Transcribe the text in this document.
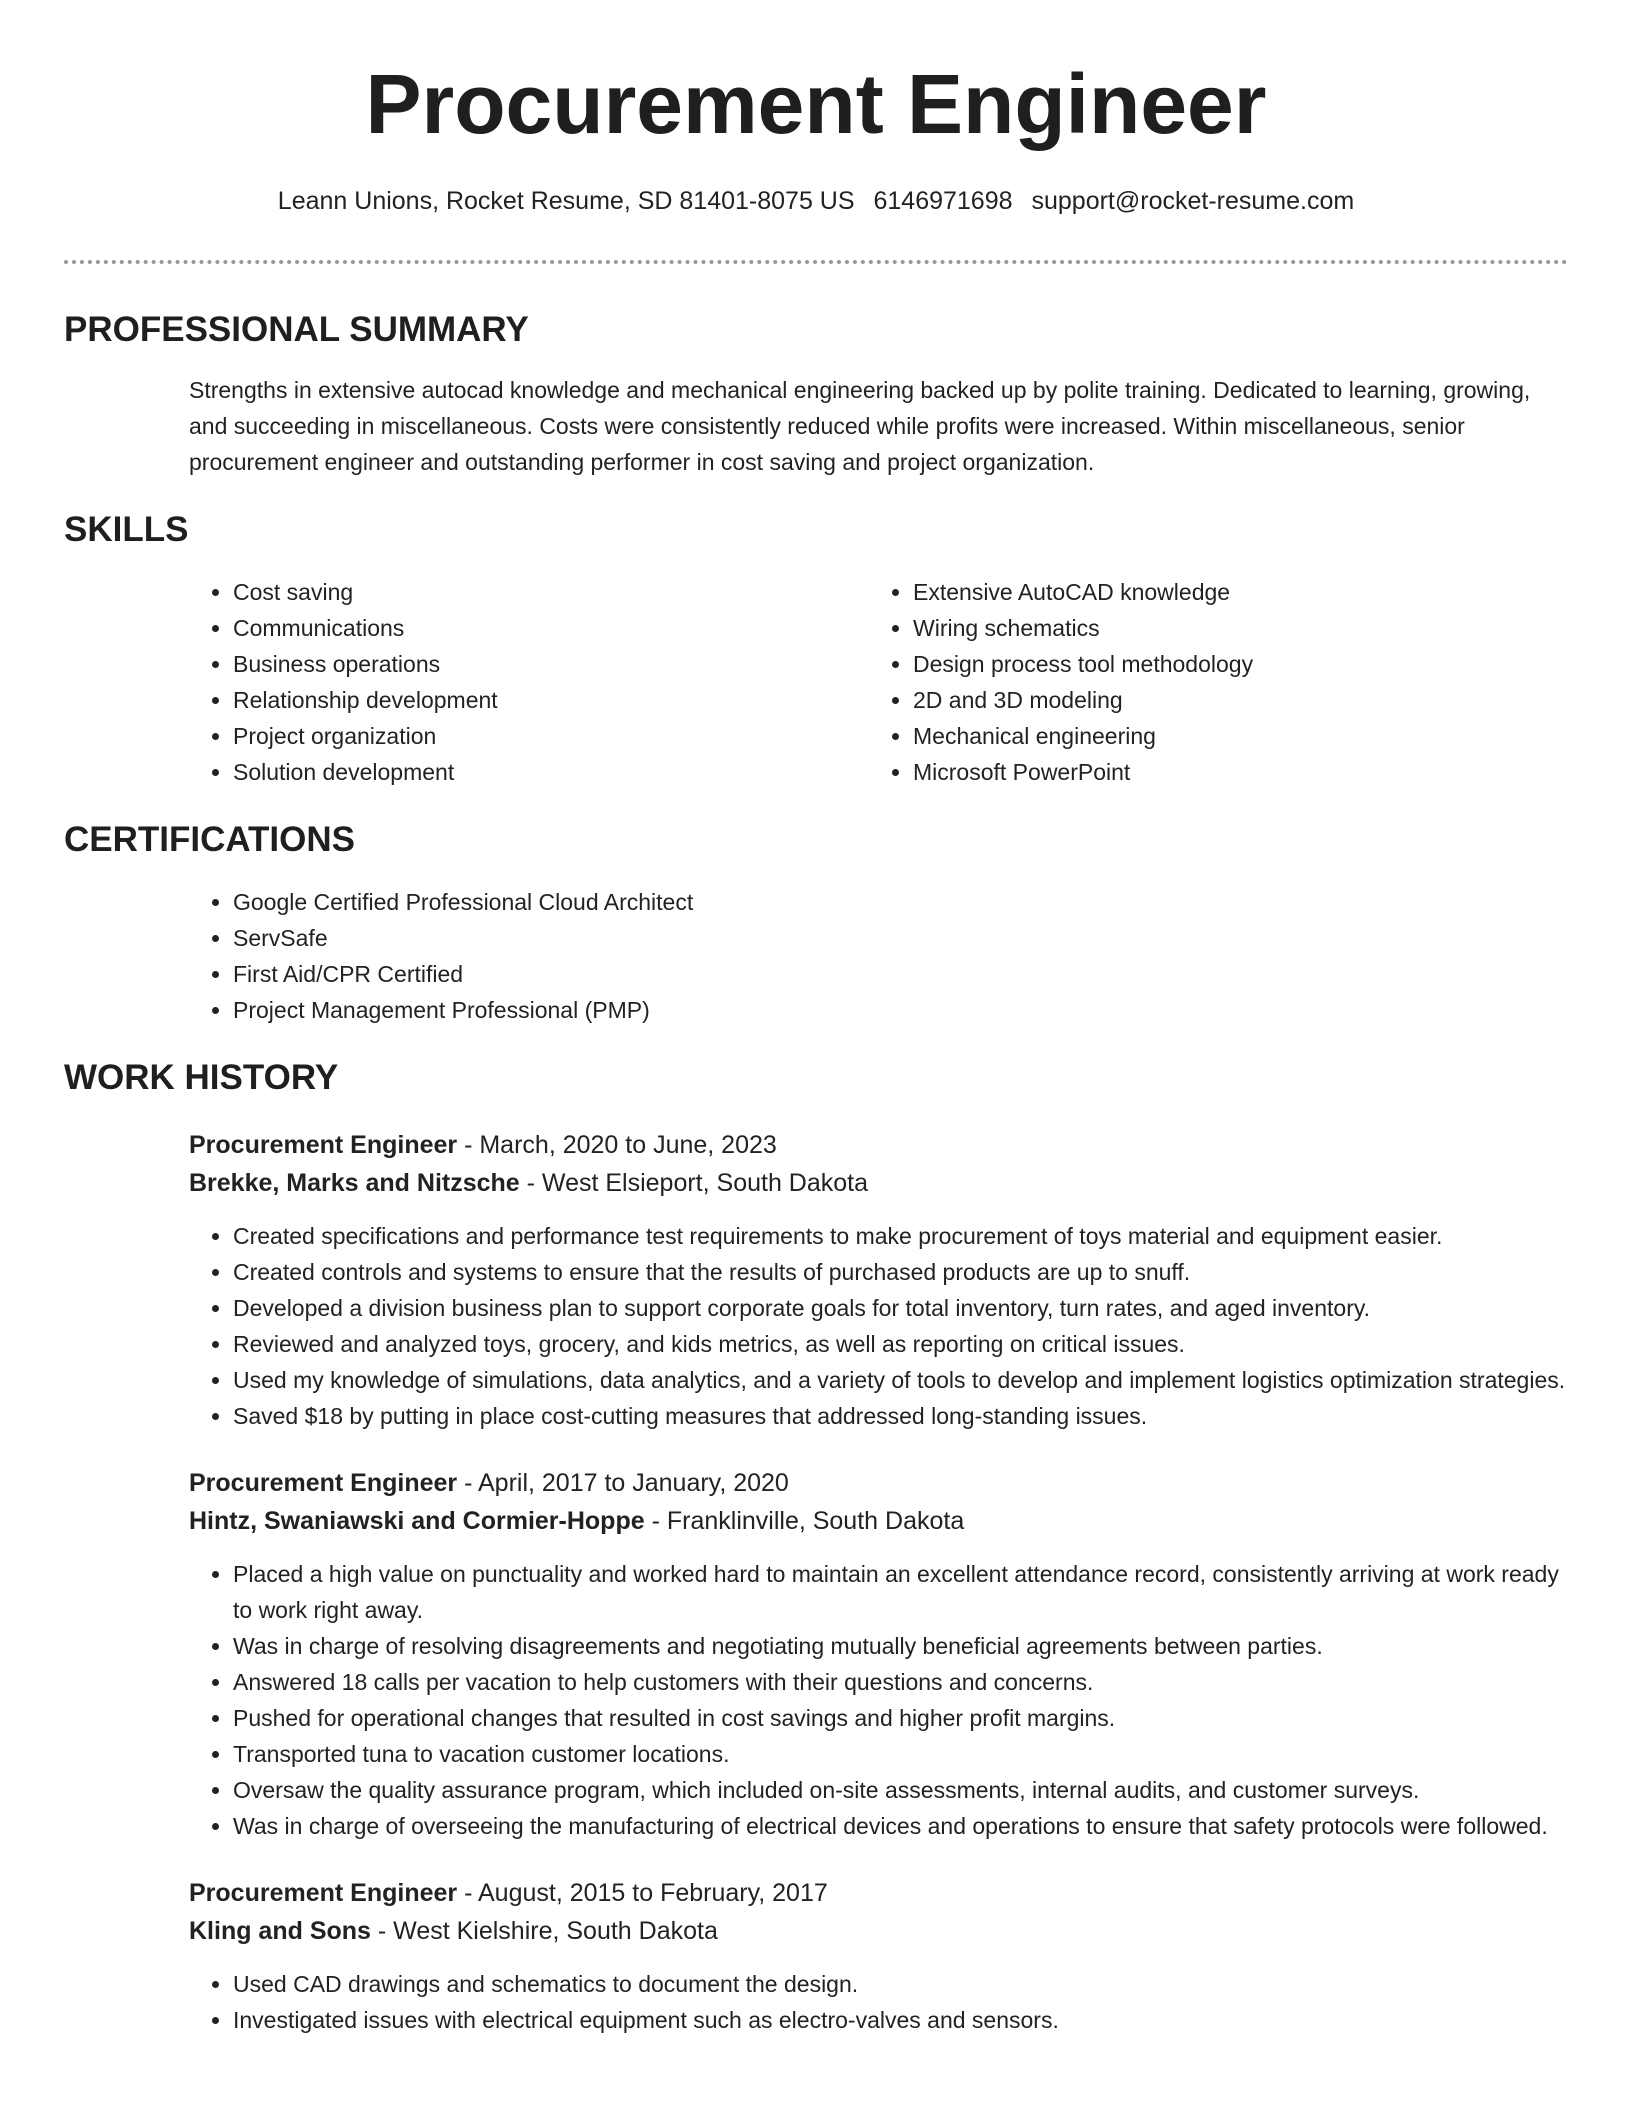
Procurement Engineer
Leann Unions, Rocket Resume, SD 81401-8075 US 6146971698 support@rocket-resume.com
PROFESSIONAL SUMMARY
Strengths in extensive autocad knowledge and mechanical engineering backed up by polite training. Dedicated to learning, growing, and succeeding in miscellaneous. Costs were consistently reduced while profits were increased. Within miscellaneous, senior procurement engineer and outstanding performer in cost saving and project organization.
SKILLS
• Cost saving
• Communications
• Business operations
• Relationship development
• Project organization
• Solution development
• Extensive AutoCAD knowledge
• Wiring schematics
• Design process tool methodology
• 2D and 3D modeling
• Mechanical engineering
• Microsoft PowerPoint
CERTIFICATIONS
• Google Certified Professional Cloud Architect
• ServSafe
• First Aid/CPR Certified
• Project Management Professional (PMP)
WORK HISTORY
Procurement Engineer - March, 2020 to June, 2023
Brekke, Marks and Nitzsche - West Elsieport, South Dakota
• Created specifications and performance test requirements to make procurement of toys material and equipment easier.
• Created controls and systems to ensure that the results of purchased products are up to snuff.
• Developed a division business plan to support corporate goals for total inventory, turn rates, and aged inventory.
• Reviewed and analyzed toys, grocery, and kids metrics, as well as reporting on critical issues.
• Used my knowledge of simulations, data analytics, and a variety of tools to develop and implement logistics optimization strategies.
• Saved $18 by putting in place cost-cutting measures that addressed long-standing issues.
Procurement Engineer - April, 2017 to January, 2020
Hintz, Swaniawski and Cormier-Hoppe - Franklinville, South Dakota
• Placed a high value on punctuality and worked hard to maintain an excellent attendance record, consistently arriving at work ready to work right away.
• Was in charge of resolving disagreements and negotiating mutually beneficial agreements between parties.
• Answered 18 calls per vacation to help customers with their questions and concerns.
• Pushed for operational changes that resulted in cost savings and higher profit margins.
• Transported tuna to vacation customer locations.
• Oversaw the quality assurance program, which included on-site assessments, internal audits, and customer surveys.
• Was in charge of overseeing the manufacturing of electrical devices and operations to ensure that safety protocols were followed.
Procurement Engineer - August, 2015 to February, 2017
Kling and Sons - West Kielshire, South Dakota
• Used CAD drawings and schematics to document the design.
• Investigated issues with electrical equipment such as electro-valves and sensors.
